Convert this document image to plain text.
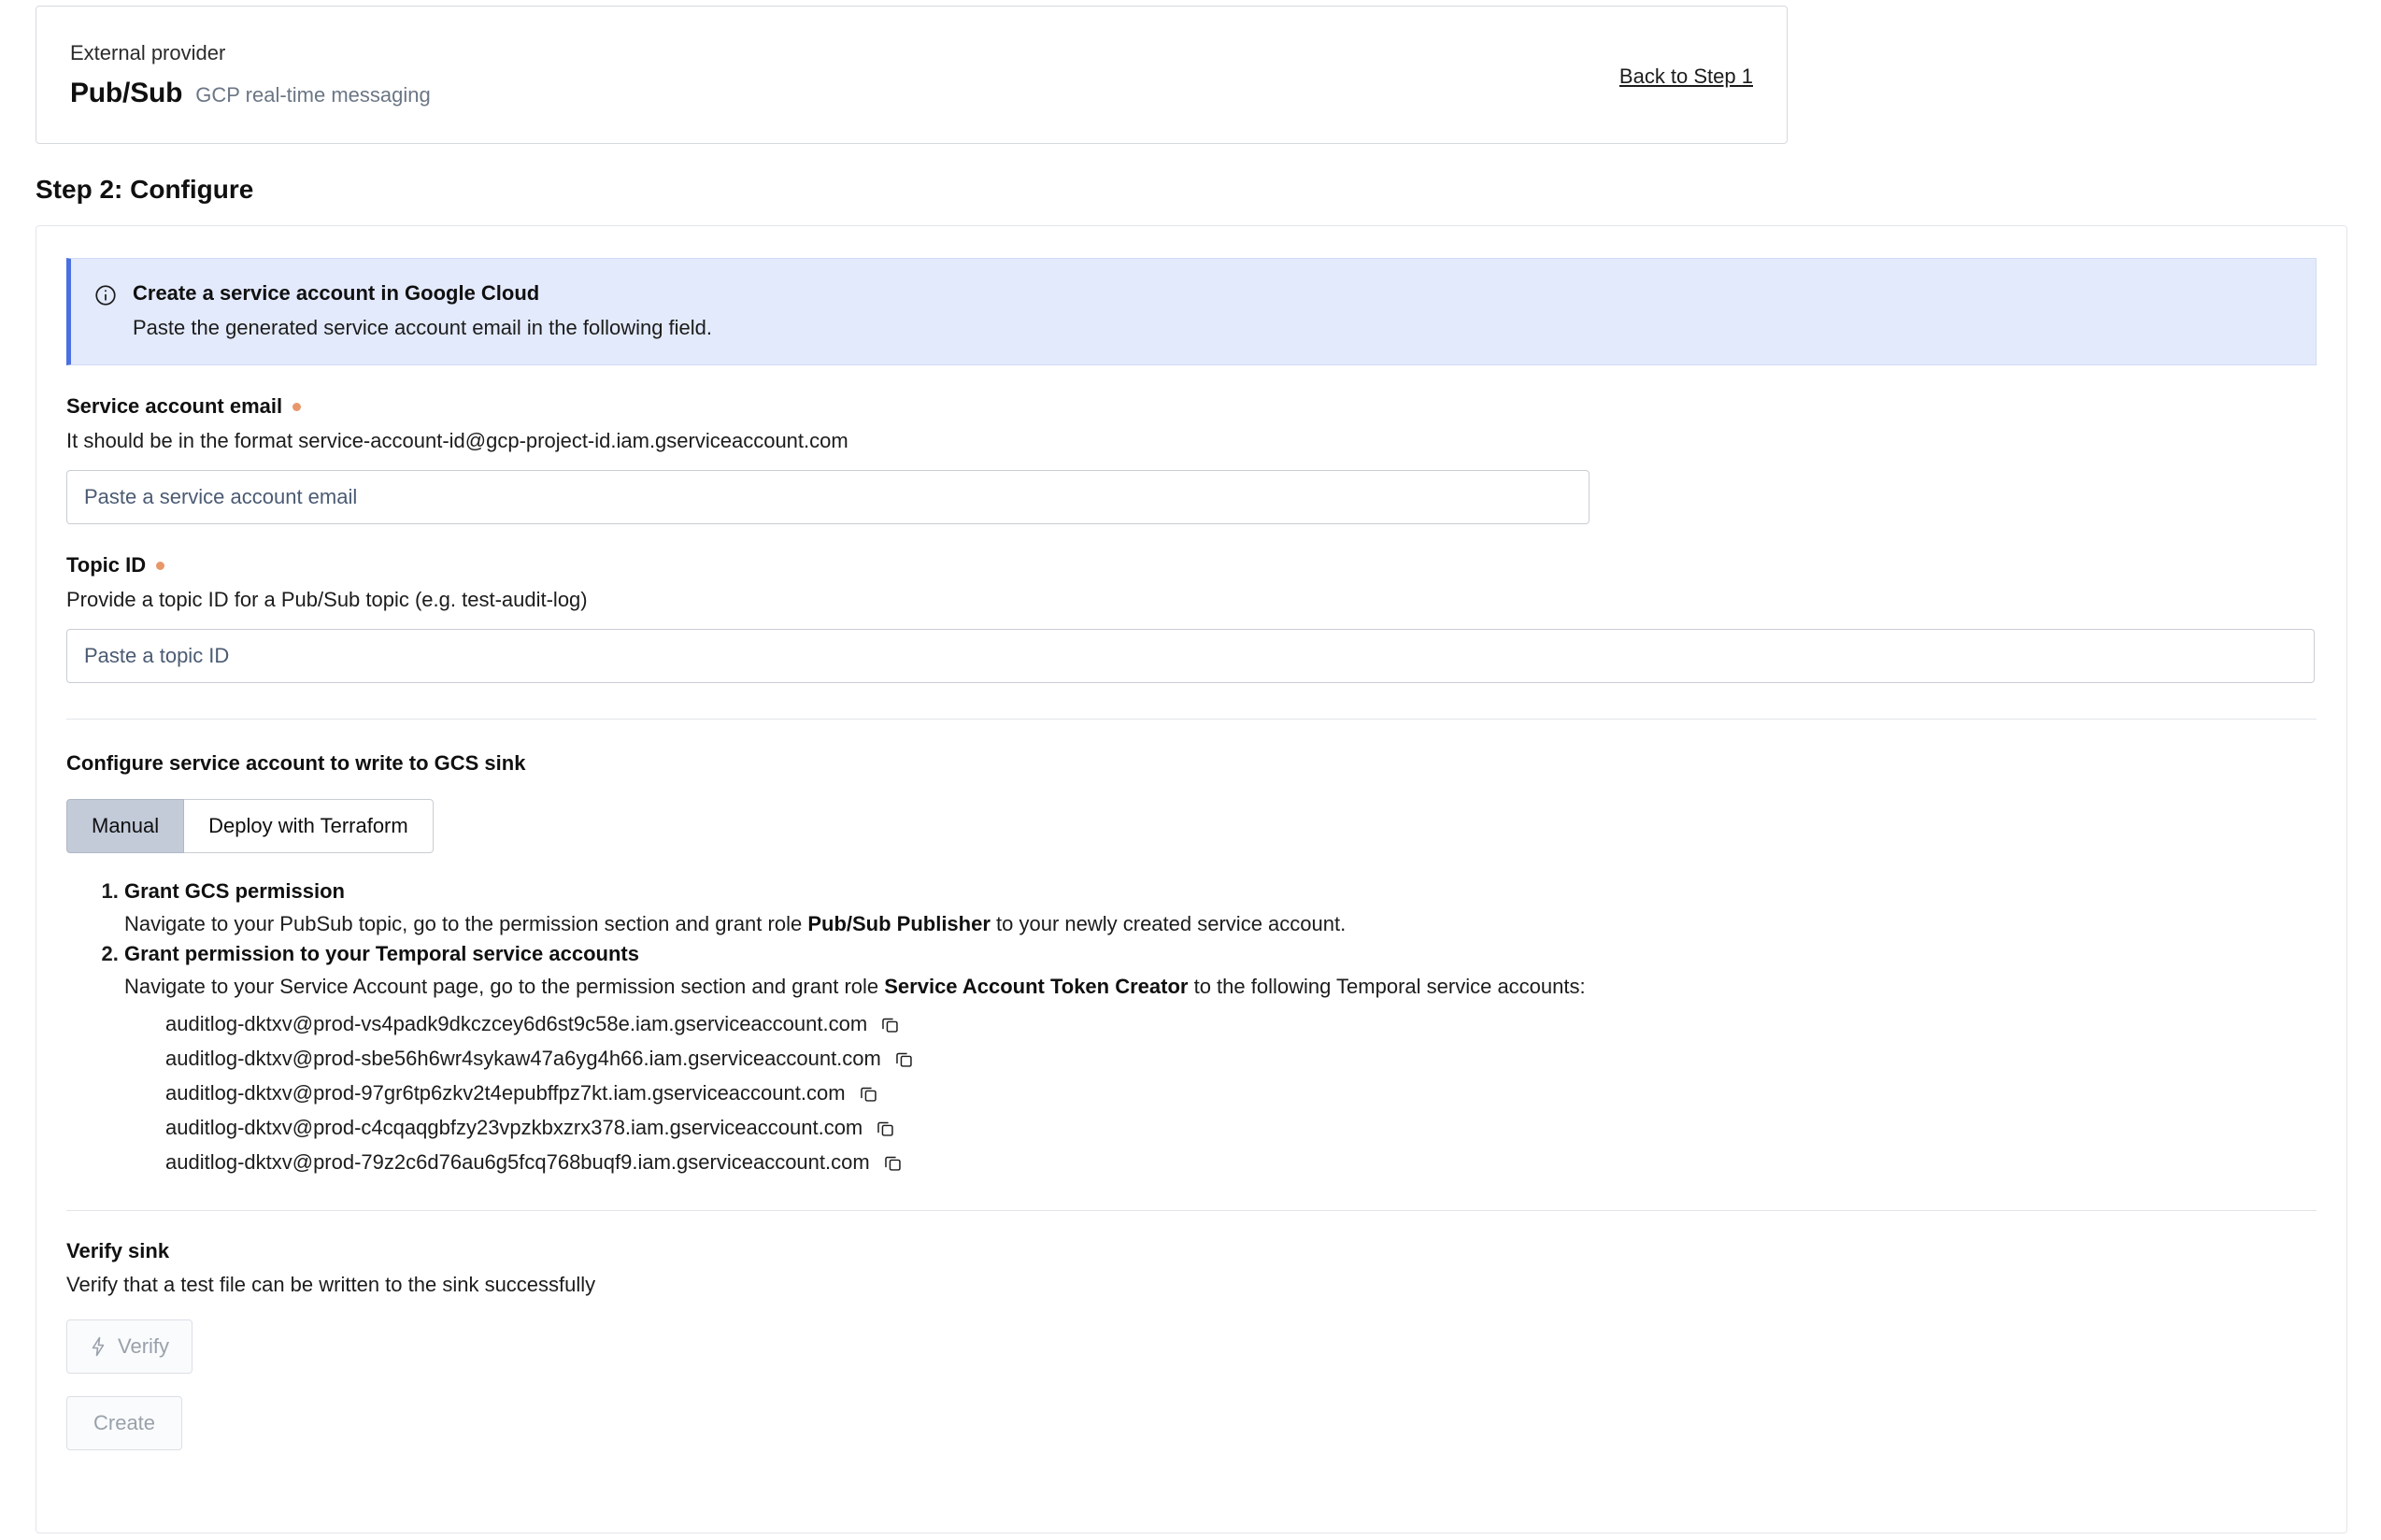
External provider
Pub/Sub GCP real-time messaging
Back to Step 1
Step 2: Configure
Create a service account in Google Cloud
Paste the generated service account email in the following field.
Service account email
It should be in the format service-account-id@gcp-project-id.iam.gserviceaccount.com
Paste a service account email
Topic ID
Provide a topic ID for a Pub/Sub topic (e.g. test-audit-log)
Paste a topic ID
Configure service account to write to GCS sink
Manual	Deploy with Terraform
1. Grant GCS permission
Navigate to your PubSub topic, go to the permission section and grant role Pub/Sub Publisher to your newly created service account.
2. Grant permission to your Temporal service accounts
Navigate to your Service Account page, go to the permission section and grant role Service Account Token Creator to the following Temporal service accounts:
auditlog-dktxv@prod-vs4padk9dkczcey6d6st9c58e.iam.gserviceaccount.com
auditlog-dktxv@prod-sbe56h6wr4sykaw47a6yg4h66.iam.gserviceaccount.com
auditlog-dktxv@prod-97gr6tp6zkv2t4epubffpz7kt.iam.gserviceaccount.com
auditlog-dktxv@prod-c4cqaqgbfzy23vpzkbxzrx378.iam.gserviceaccount.com
auditlog-dktxv@prod-79z2c6d76au6g5fcq768buqf9.iam.gserviceaccount.com
Verify sink
Verify that a test file can be written to the sink successfully
Verify
Create
